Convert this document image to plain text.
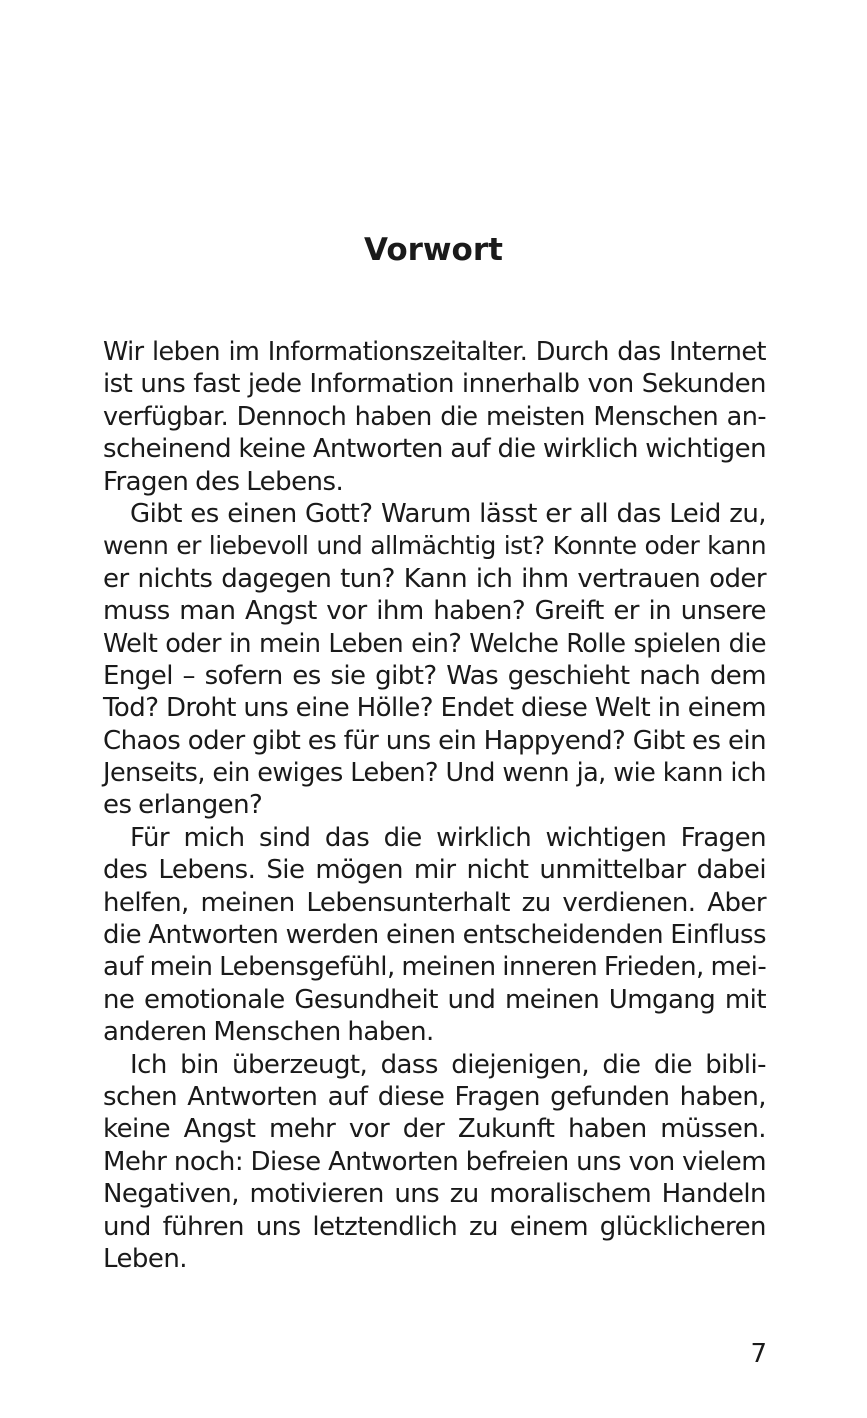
Vorwort
Wir leben im Informationszeitalter. Durch das Internet
ist uns fast jede Information innerhalb von Sekunden
verfügbar. Dennoch haben die meisten Menschen an-
scheinend keine Antworten auf die wirklich wichtigen
Fragen des Lebens.
Gibt es einen Gott? Warum lässt er all das Leid zu,
wenn er liebevoll und allmächtig ist? Konnte oder kann
er nichts dagegen tun? Kann ich ihm vertrauen oder
muss man Angst vor ihm haben? Greift er in unsere
Welt oder in mein Leben ein? Welche Rolle spielen die
Engel – sofern es sie gibt? Was geschieht nach dem
Tod? Droht uns eine Hölle? Endet diese Welt in einem
Chaos oder gibt es für uns ein Happyend? Gibt es ein
Jenseits, ein ewiges Leben? Und wenn ja, wie kann ich
es erlangen?
Für mich sind das die wirklich wichtigen Fragen
des Lebens. Sie mögen mir nicht unmittelbar dabei
helfen, meinen Lebensunterhalt zu verdienen. Aber
die Antworten werden einen entscheidenden Einfluss
auf mein Lebensgefühl, meinen inneren Frieden, mei-
ne emotionale Gesundheit und meinen Umgang mit
anderen Menschen haben.
Ich bin überzeugt, dass diejenigen, die die bibli-
schen Antworten auf diese Fragen gefunden haben,
keine Angst mehr vor der Zukunft haben müssen.
Mehr noch: Diese Antworten befreien uns von vielem
Negativen, motivieren uns zu moralischem Handeln
und führen uns letztendlich zu einem glücklicheren
Leben.
7
